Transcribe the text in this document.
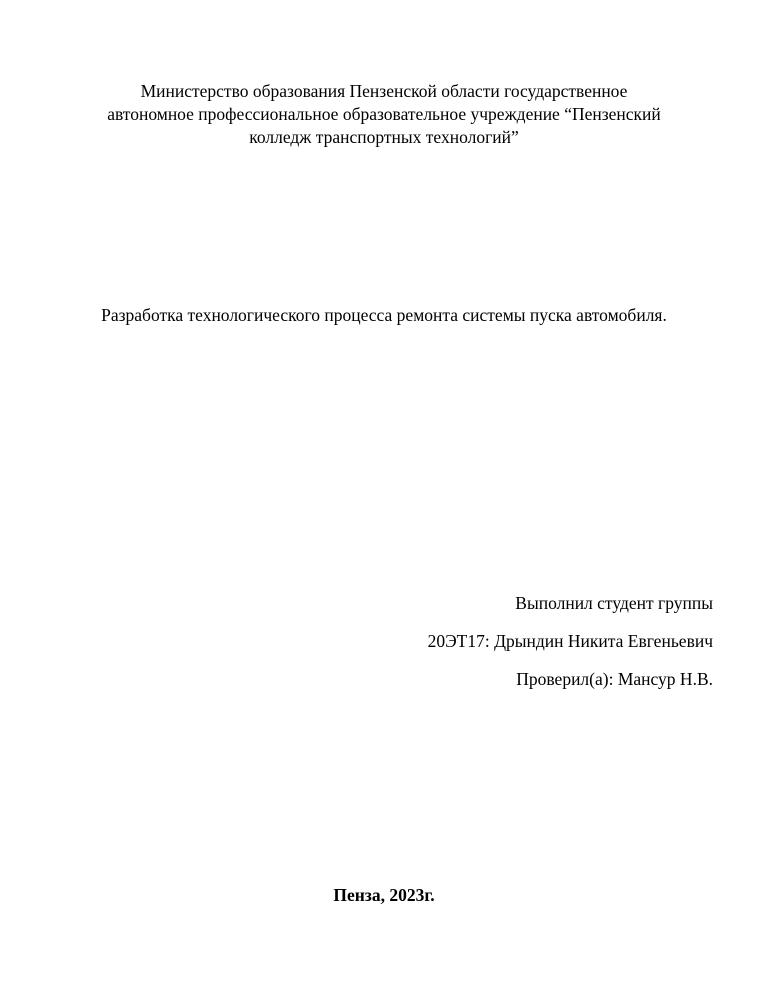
Министерство образования Пензенской области государственное
автономное профессиональное образовательное учреждение “Пензенский
колледж транспортных технологий”
Разработка технологического процесса ремонта системы пуска автомобиля.
Выполнил студент группы
20ЭТ17: Дрындин Никита Евгеньевич
Проверил(а): Мансур Н.В.
Пенза, 2023г.
